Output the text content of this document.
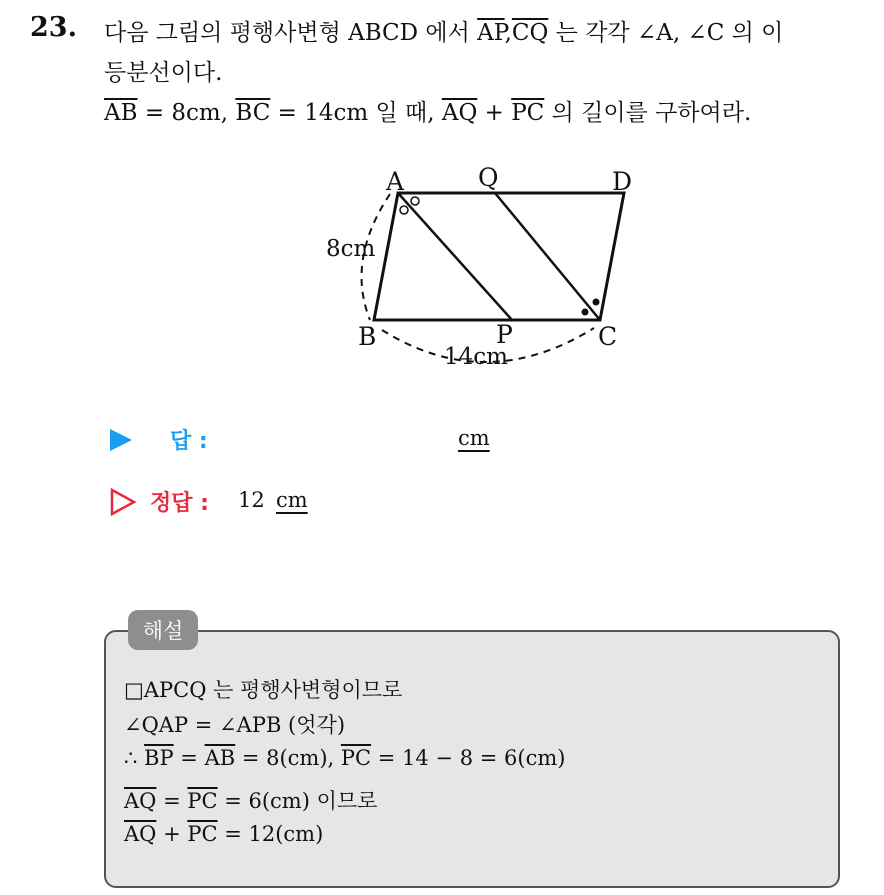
23. 다음 그림의 평행사변형 ABCD 에서 $\overline{AP},\overline{CQ}$ 는 각각 ∠A, ∠C 의 이
등분선이다.
$\overline{AB} = 8cm$, $\overline{BC} = 14cm$ 일 때, $\overline{AQ} + \overline{PC}$ 의 길이를 구하여라.
A	Q	D
B	P	C
8cm
14cm
답 :	cm
정답 : 12 cm
해설
□APCQ 는 평행사변형이므로
∠QAP = ∠APB (엇각)
∴ $\overline{BP} = \overline{AB} = 8(cm)$, $\overline{PC} = 14 - 8 = 6(cm)$
$\overline{AQ} = \overline{PC} = 6(cm)$ 이므로
$\overline{AQ} + \overline{PC} = 12(cm)$
